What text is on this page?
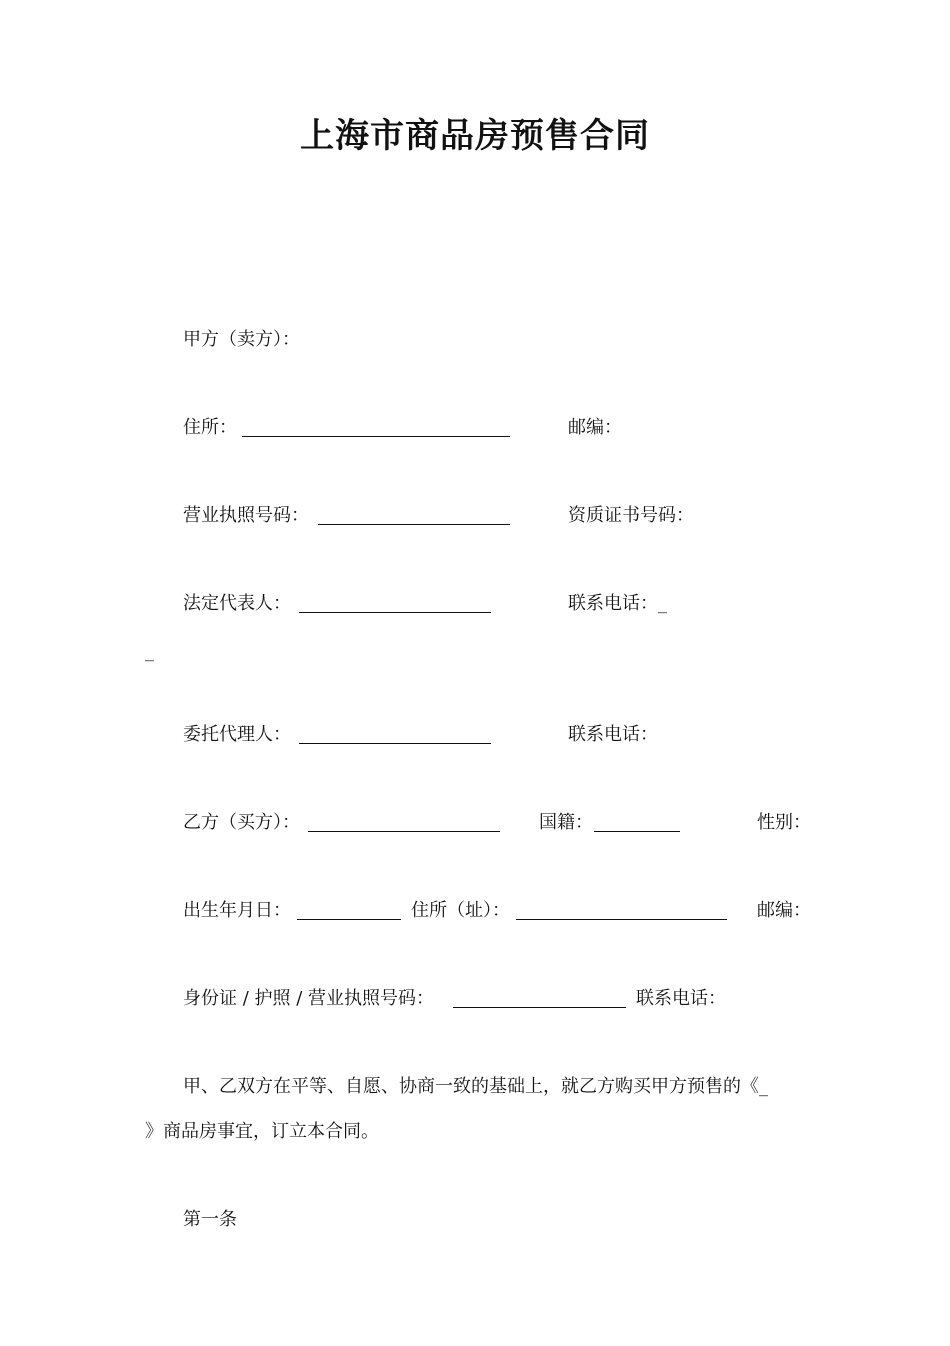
上海市商品房预售合同
甲方（卖方）：
住所：	邮编：
营业执照号码：	资质证书号码：
法定代表人：	联系电话：_
_
委托代理人：	联系电话：
乙方（买方）：	国籍：	性别：
出生年月日：	住所（址）：	邮编：
身份证 / 护照 / 营业执照号码：	联系电话：
甲、乙双方在平等、自愿、协商一致的基础上，就乙方购买甲方预售的《_
》商品房事宜，订立本合同。
第一条
